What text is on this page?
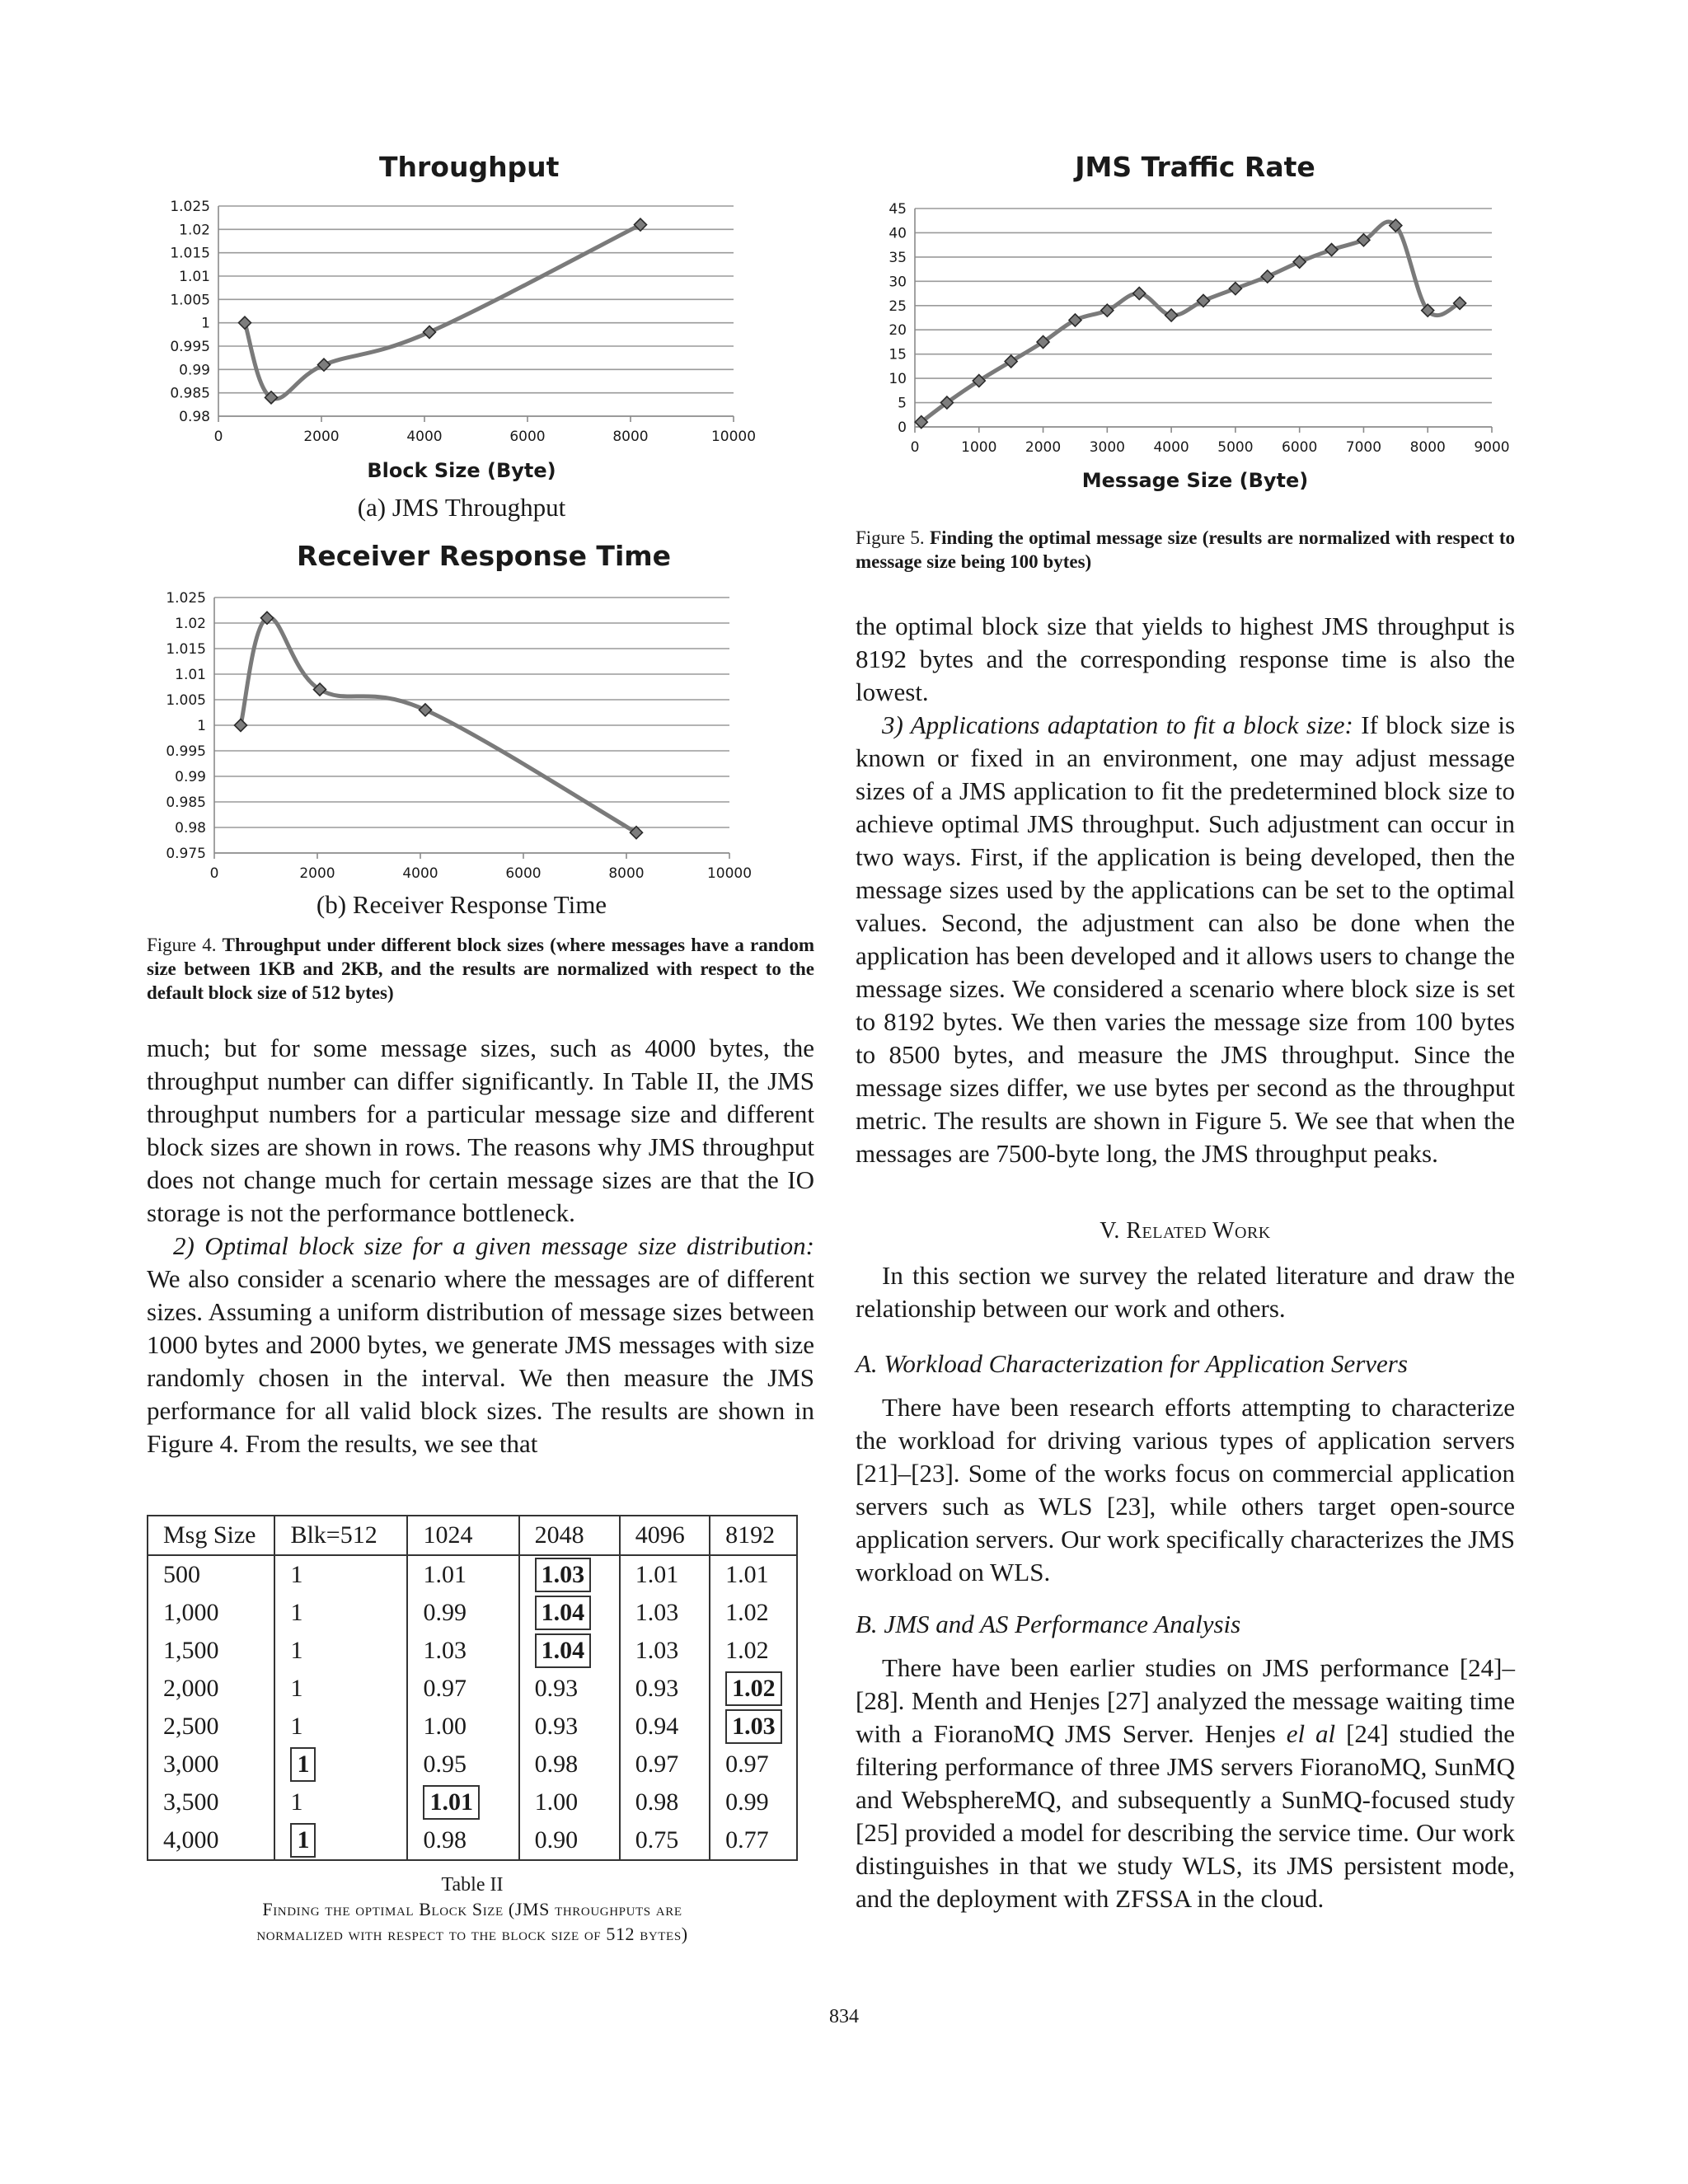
Throughput
1.025
1.02
1.015
1.01
1.005
1
0.995
0.99
0.985
0.98
0	2000	4000	6000	8000	10000
Block Size (Byte)
(a) JMS Throughput
Receiver Response Time
1.025
1.02
1.015
1.01
1.005
1
0.995
0.99
0.985
0.98
0.975
0	2000	4000	6000	8000	10000
(b) Receiver Response Time
Figure 4. Throughput under different block sizes (where messages have a random size between 1KB and 2KB, and the results are normalized with respect to the default block size of 512 bytes)

much; but for some message sizes, such as 4000 bytes, the throughput number can differ significantly. In Table II, the JMS throughput numbers for a particular message size and different block sizes are shown in rows. The reasons why JMS throughput does not change much for certain message sizes are that the IO storage is not the performance bottleneck.

2) Optimal block size for a given message size distribution: We also consider a scenario where the messages are of different sizes. Assuming a uniform distribution of message sizes between 1000 bytes and 2000 bytes, we generate JMS messages with size randomly chosen in the interval. We then measure the JMS performance for all valid block sizes. The results are shown in Figure 4. From the results, we see that

Msg Size	Blk=512	1024	2048	4096	8192
500	1	1.01	1.03	1.01	1.01
1,000	1	0.99	1.04	1.03	1.02
1,500	1	1.03	1.04	1.03	1.02
2,000	1	0.97	0.93	0.93	1.02
2,500	1	1.00	0.93	0.94	1.03
3,000	1	0.95	0.98	0.97	0.97
3,500	1	1.01	1.00	0.98	0.99
4,000	1	0.98	0.90	0.75	0.77
Table II
Finding the optimal Block Size (JMS throughputs are
normalized with respect to the block size of 512 bytes)
JMS Traffic Rate
45
40
35
30
25
20
15
10
5
0
0	1000 2000 3000 4000 5000 6000 7000 8000 9000
Message Size (Byte)
Figure 5. Finding the optimal message size (results are normalized with respect to message size being 100 bytes)

the optimal block size that yields to highest JMS throughput is 8192 bytes and the corresponding response time is also the lowest.

3) Applications adaptation to fit a block size: If block size is known or fixed in an environment, one may adjust message sizes of a JMS application to fit the predetermined block size to achieve optimal JMS throughput. Such adjustment can occur in two ways. First, if the application is being developed, then the message sizes used by the applications can be set to the optimal values. Second, the adjustment can also be done when the application has been developed and it allows users to change the message sizes. We considered a scenario where block size is set to 8192 bytes. We then varies the message size from 100 bytes to 8500 bytes, and measure the JMS throughput. Since the message sizes differ, we use bytes per second as the throughput metric. The results are shown in Figure 5. We see that when the messages are 7500-byte long, the JMS throughput peaks.

V. Related Work
In this section we survey the related literature and draw the relationship between our work and others.
A. Workload Characterization for Application Servers
There have been research efforts attempting to characterize the workload for driving various types of application servers [21]–[23]. Some of the works focus on commercial application servers such as WLS [23], while others target open-source application servers. Our work specifically characterizes the JMS workload on WLS.
B. JMS and AS Performance Analysis
There have been earlier studies on JMS performance [24]–[28]. Menth and Henjes [27] analyzed the message waiting time with a FioranoMQ JMS Server. Henjes el al [24] studied the filtering performance of three JMS servers FioranoMQ, SunMQ and WebsphereMQ, and subsequently a SunMQ-focused study [25] provided a model for describing the service time. Our work distinguishes in that we study WLS, its JMS persistent mode, and the deployment with ZFSSA in the cloud.
834
